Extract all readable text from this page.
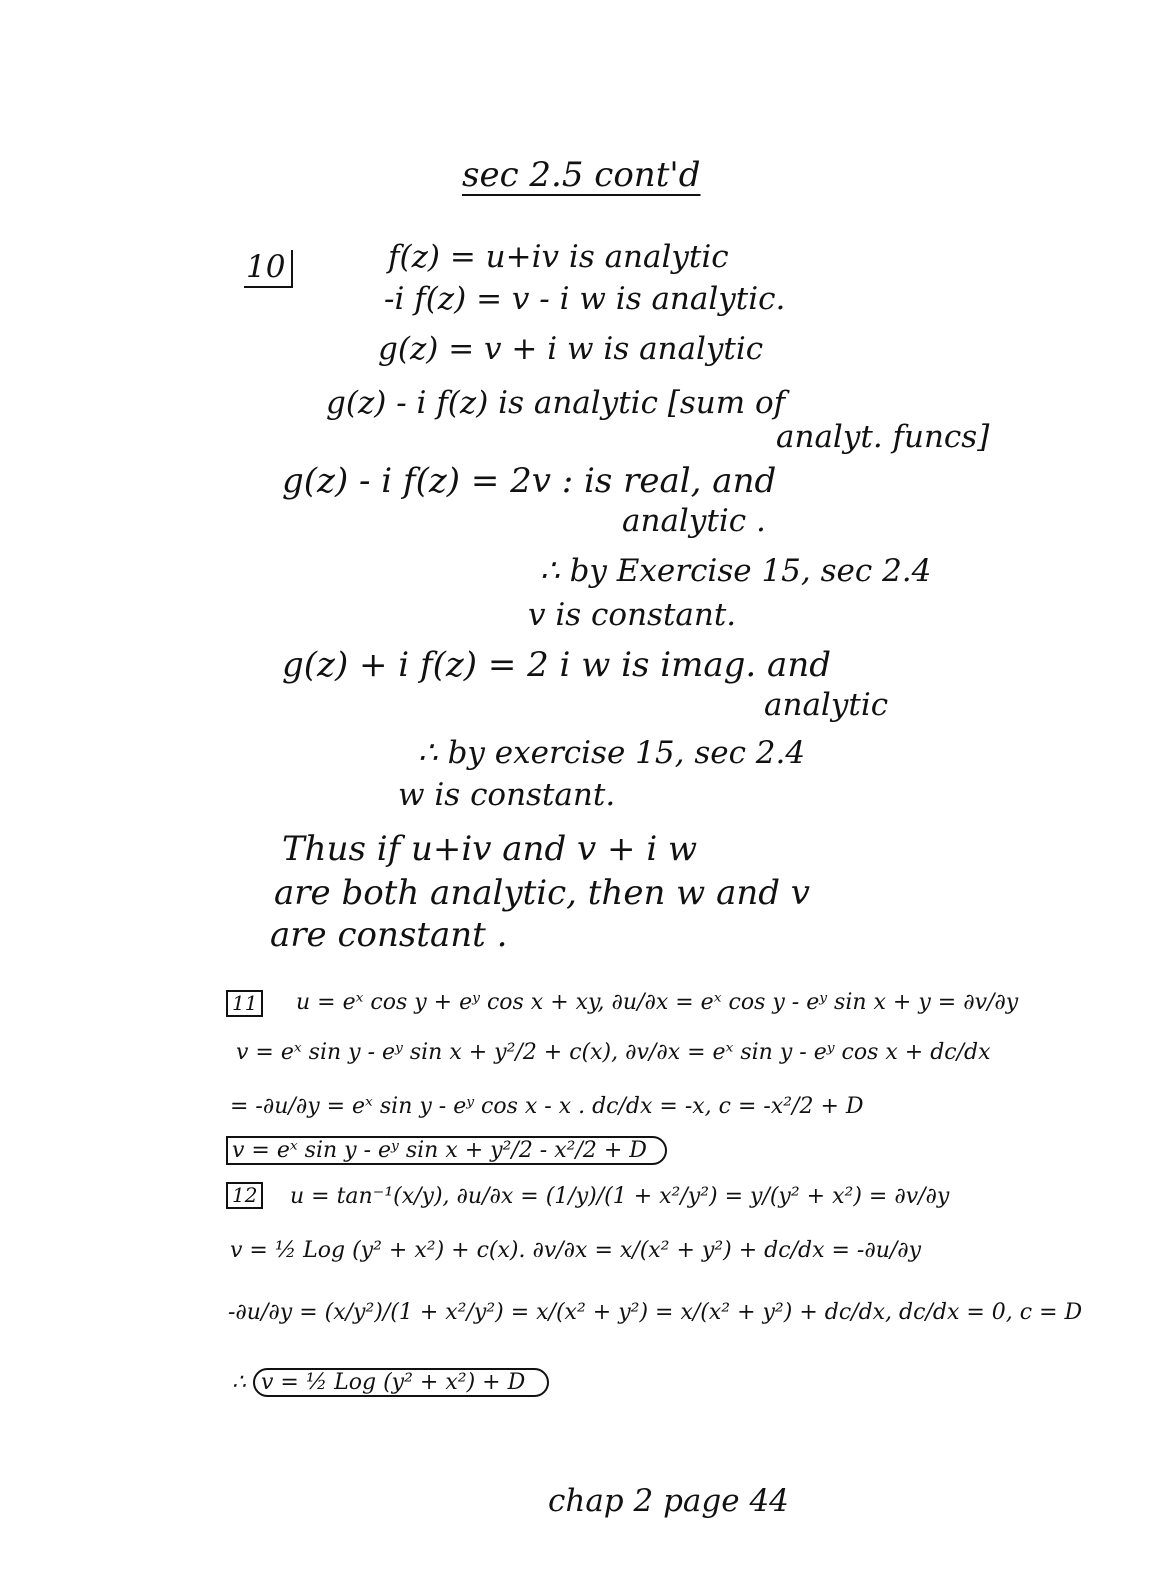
sec 2.5 cont'd
10	f(z) = u+iv is analytic
-i f(z) = v - i w is analytic.
g(z) = v + i w is analytic
g(z) - i f(z) is analytic [sum of
analyt. funcs]
g(z) - i f(z) = 2v : is real, and
analytic .
∴ by Exercise 15, sec 2.4
v is constant.
g(z) + i f(z) = 2 i w is imag. and
analytic
∴ by exercise 15, sec 2.4
w is constant.
Thus if u+iv and v + i w
are both analytic, then w and v
are constant .
11 u = eˣ cos y + eʸ cos x + xy, ∂u/∂x = eˣ cos y - eʸ sin x + y = ∂v/∂y
v = eˣ sin y - eʸ sin x + y²/2 + c(x), ∂v/∂x = eˣ sin y - eʸ cos x + dc/dx
= -∂u/∂y = eˣ sin y - eʸ cos x - x . dc/dx = -x, c = -x²/2 + D
v = eˣ sin y - eʸ sin x + y²/2 - x²/2 + D
12 u = tan⁻¹(x/y), ∂u/∂x = (1/y)/(1 + x²/y²) = y/(y² + x²) = ∂v/∂y
v = ½ Log (y² + x²) + c(x). ∂v/∂x = x/(x² + y²) + dc/dx = -∂u/∂y
-∂u/∂y = (x/y²)/(1 + x²/y²) = x/(x² + y²) = x/(x² + y²) + dc/dx, dc/dx = 0, c = D
∴ v = ½ Log (y² + x²) + D
chap 2 page 44
